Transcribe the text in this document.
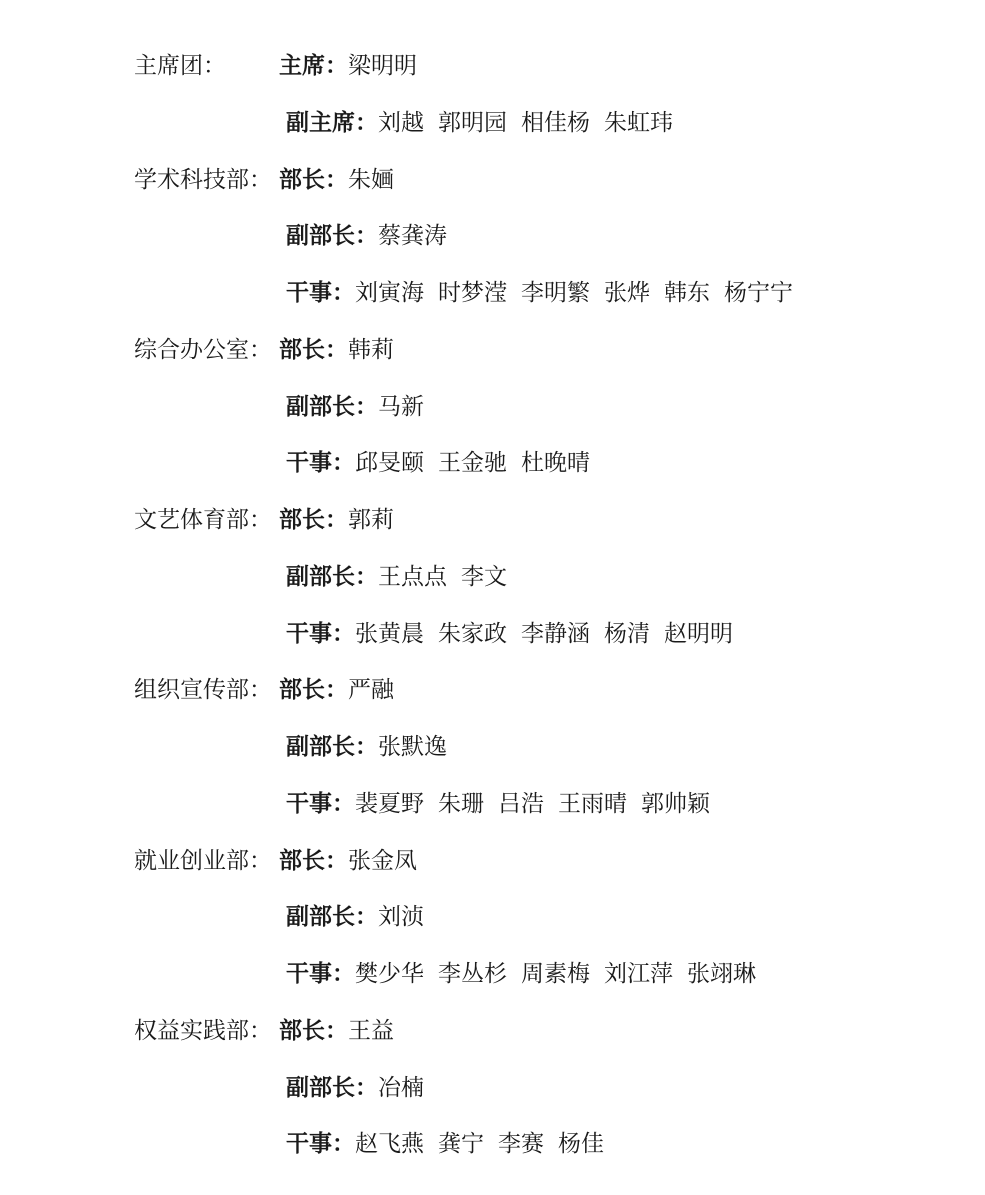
主席团： 主席：梁明明
副主席：刘越 郭明园 相佳杨 朱虹玮
学术科技部： 部长：朱婳
副部长：蔡龚涛
干事：刘寅海 时梦滢 李明繁 张烨 韩东 杨宁宁
综合办公室： 部长：韩莉
副部长：马新
干事：邱旻颐 王金驰 杜晚晴
文艺体育部： 部长：郭莉
副部长：王点点 李文
干事：张黄晨 朱家政 李静涵 杨清 赵明明
组织宣传部： 部长：严融
副部长：张默逸
干事：裴夏野 朱珊 吕浩 王雨晴 郭帅颖
就业创业部： 部长：张金凤
副部长：刘浈
干事：樊少华 李丛杉 周素梅 刘江萍 张翊琳
权益实践部： 部长：王益
副部长：冶楠
干事：赵飞燕 龚宁 李赛 杨佳
